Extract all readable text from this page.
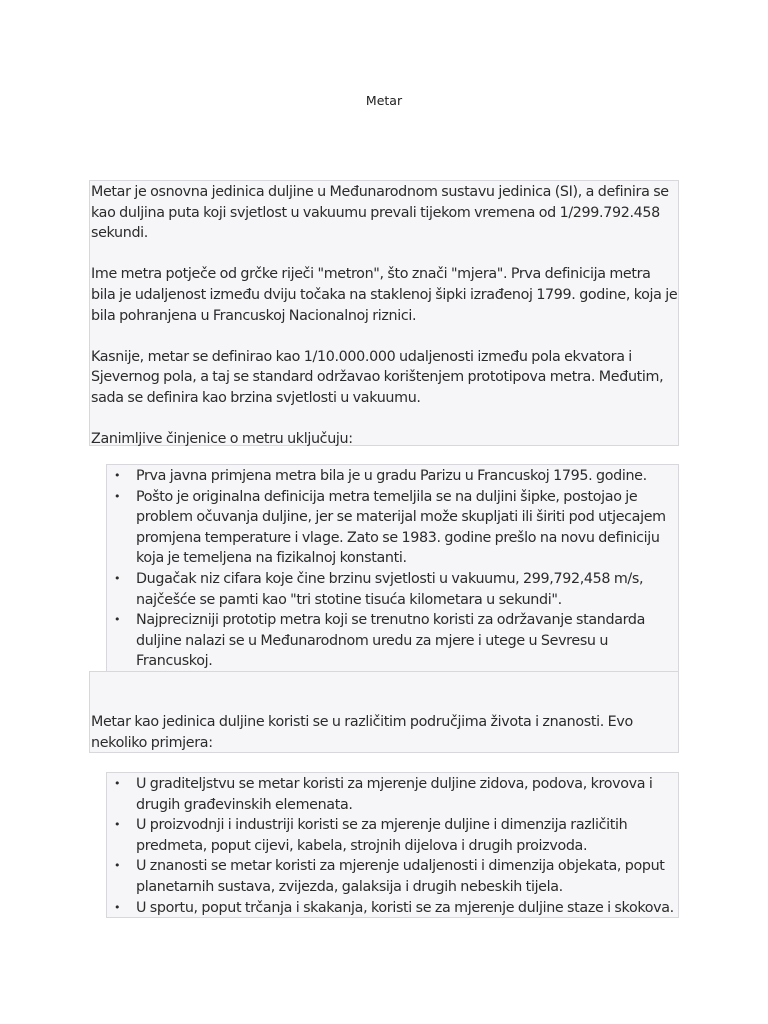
Metar

Metar je osnovna jedinica duljine u Međunarodnom sustavu jedinica (SI), a definira se kao duljina puta koji svjetlost u vakuumu prevali tijekom vremena od 1/299.792.458 sekundi.

Ime metra potječe od grčke riječi "metron", što znači "mjera". Prva definicija metra bila je udaljenost između dviju točaka na staklenoj šipki izrađenoj 1799. godine, koja je bila pohranjena u Francuskoj Nacionalnoj riznici.

Kasnije, metar se definirao kao 1/10.000.000 udaljenosti između pola ekvatora i Sjevernog pola, a taj se standard održavao korištenjem prototipova metra. Međutim, sada se definira kao brzina svjetlosti u vakuumu.

Zanimljive činjenice o metru uključuju:

• Prva javna primjena metra bila je u gradu Parizu u Francuskoj 1795. godine.
• Pošto je originalna definicija metra temeljila se na duljini šipke, postojao je problem očuvanja duljine, jer se materijal može skupljati ili širiti pod utjecajem promjena temperature i vlage. Zato se 1983. godine prešlo na novu definiciju koja je temeljena na fizikalnoj konstanti.
• Dugačak niz cifara koje čine brzinu svjetlosti u vakuumu, 299,792,458 m/s, najčešće se pamti kao "tri stotine tisuća kilometara u sekundi".
• Najprecizniji prototip metra koji se trenutno koristi za održavanje standarda duljine nalazi se u Međunarodnom uredu za mjere i utege u Sevresu u Francuskoj.

Metar kao jedinica duljine koristi se u različitim područjima života i znanosti. Evo nekoliko primjera:

• U graditeljstvu se metar koristi za mjerenje duljine zidova, podova, krovova i drugih građevinskih elemenata.
• U proizvodnji i industriji koristi se za mjerenje duljine i dimenzija različitih predmeta, poput cijevi, kabela, strojnih dijelova i drugih proizvoda.
• U znanosti se metar koristi za mjerenje udaljenosti i dimenzija objekata, poput planetarnih sustava, zvijezda, galaksija i drugih nebeskih tijela.
• U sportu, poput trčanja i skakanja, koristi se za mjerenje duljine staze i skokova.
